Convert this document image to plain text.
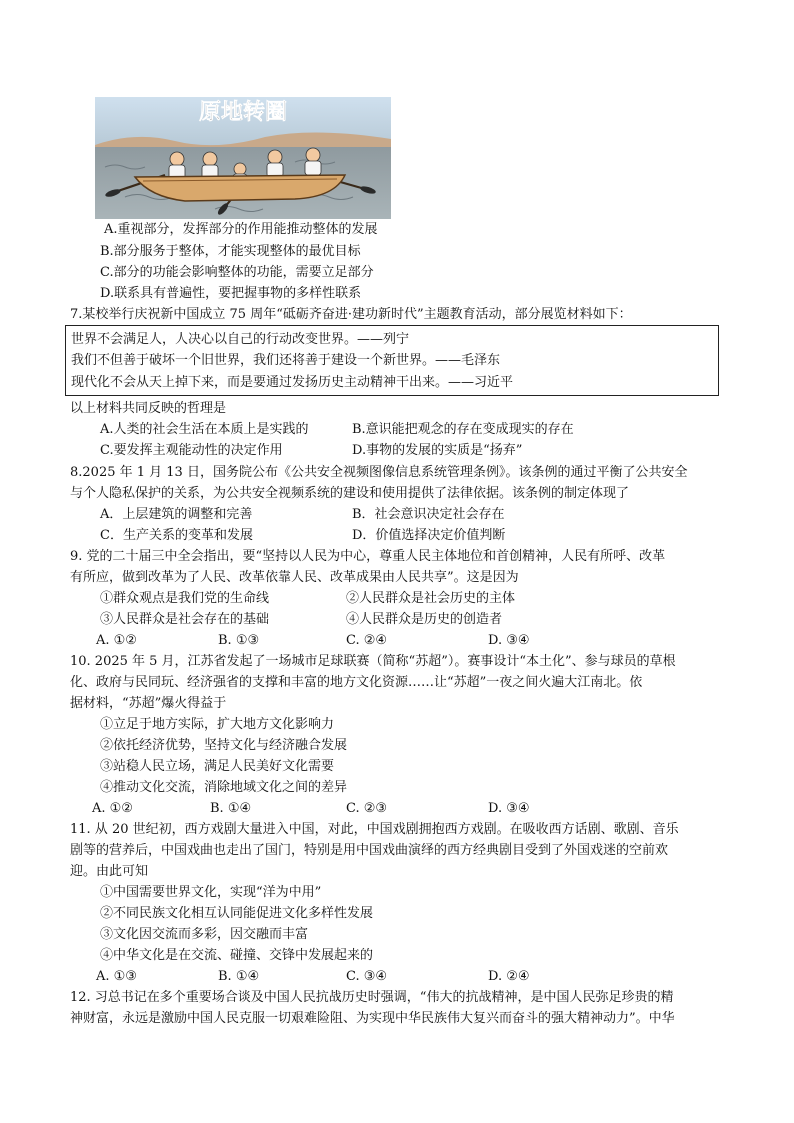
原地转圈
A.重视部分，发挥部分的作用能推动整体的发展
B.部分服务于整体，才能实现整体的最优目标
C.部分的功能会影响整体的功能，需要立足部分
D.联系具有普遍性，要把握事物的多样性联系
7.某校举行庆祝新中国成立 75 周年“砥砺齐奋进·建功新时代”主题教育活动，部分展览材料如下：
世界不会满足人，人决心以自己的行动改变世界。——列宁
我们不但善于破坏一个旧世界，我们还将善于建设一个新世界。——毛泽东
现代化不会从天上掉下来，而是要通过发扬历史主动精神干出来。——习近平
以上材料共同反映的哲理是
A.人类的社会生活在本质上是实践的	B.意识能把观念的存在变成现实的存在
C.要发挥主观能动性的决定作用	D.事物的发展的实质是“扬弃”
8.2025 年 1 月 13 日，国务院公布《公共安全视频图像信息系统管理条例》。该条例的通过平衡了公共安全
与个人隐私保护的关系，为公共安全视频系统的建设和使用提供了法律依据。该条例的制定体现了
A．上层建筑的调整和完善	B．社会意识决定社会存在
C．生产关系的变革和发展	D．价值选择决定价值判断
9. 党的二十届三中全会指出，要“坚持以人民为中心，尊重人民主体地位和首创精神，人民有所呼、改革
有所应，做到改革为了人民、改革依靠人民、改革成果由人民共享”。这是因为
①群众观点是我们党的生命线	②人民群众是社会历史的主体
③人民群众是社会存在的基础	④人民群众是历史的创造者
A. ①②	B. ①③	C. ②④	D. ③④
10. 2025 年 5 月，江苏省发起了一场城市足球联赛（简称“苏超”）。赛事设计“本土化”、参与球员的草根
化、政府与民同玩、经济强省的支撑和丰富的地方文化资源……让“苏超”一夜之间火遍大江南北。依
据材料，“苏超”爆火得益于
①立足于地方实际，扩大地方文化影响力
②依托经济优势，坚持文化与经济融合发展
③站稳人民立场，满足人民美好文化需要
④推动文化交流，消除地域文化之间的差异
A. ①②	B. ①④	C. ②③	D. ③④
11. 从 20 世纪初，西方戏剧大量进入中国，对此，中国戏剧拥抱西方戏剧。在吸收西方话剧、歌剧、音乐
剧等的营养后，中国戏曲也走出了国门，特别是用中国戏曲演绎的西方经典剧目受到了外国戏迷的空前欢
迎。由此可知
①中国需要世界文化，实现“洋为中用”
②不同民族文化相互认同能促进文化多样性发展
③文化因交流而多彩，因交融而丰富
④中华文化是在交流、碰撞、交锋中发展起来的
A. ①③	B. ①④	C. ③④	D. ②④
12. 习总书记在多个重要场合谈及中国人民抗战历史时强调，“伟大的抗战精神，是中国人民弥足珍贵的精
神财富，永远是激励中国人民克服一切艰难险阻、为实现中华民族伟大复兴而奋斗的强大精神动力”。中华
